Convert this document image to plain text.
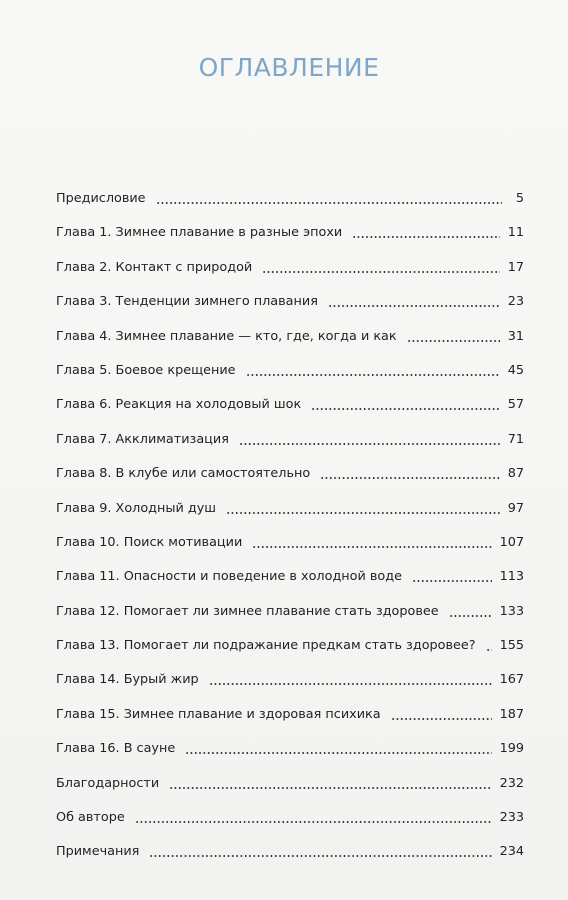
ОГЛАВЛЕНИЕ
Предисловие	5
Глава 1. Зимнее плавание в разные эпохи	11
Глава 2. Контакт с природой	17
Глава 3. Тенденции зимнего плавания	23
Глава 4. Зимнее плавание — кто, где, когда и как	31
Глава 5. Боевое крещение	45
Глава 6. Реакция на холодовый шок	57
Глава 7. Акклиматизация	71
Глава 8. В клубе или самостоятельно	87
Глава 9. Холодный душ	97
Глава 10. Поиск мотивации	107
Глава 11. Опасности и поведение в холодной воде	113
Глава 12. Помогает ли зимнее плавание стать здоровее	133
Глава 13. Помогает ли подражание предкам стать здоровее?	155
Глава 14. Бурый жир	167
Глава 15. Зимнее плавание и здоровая психика	187
Глава 16. В сауне	199
Благодарности	232
Об авторе	233
Примечания	234
